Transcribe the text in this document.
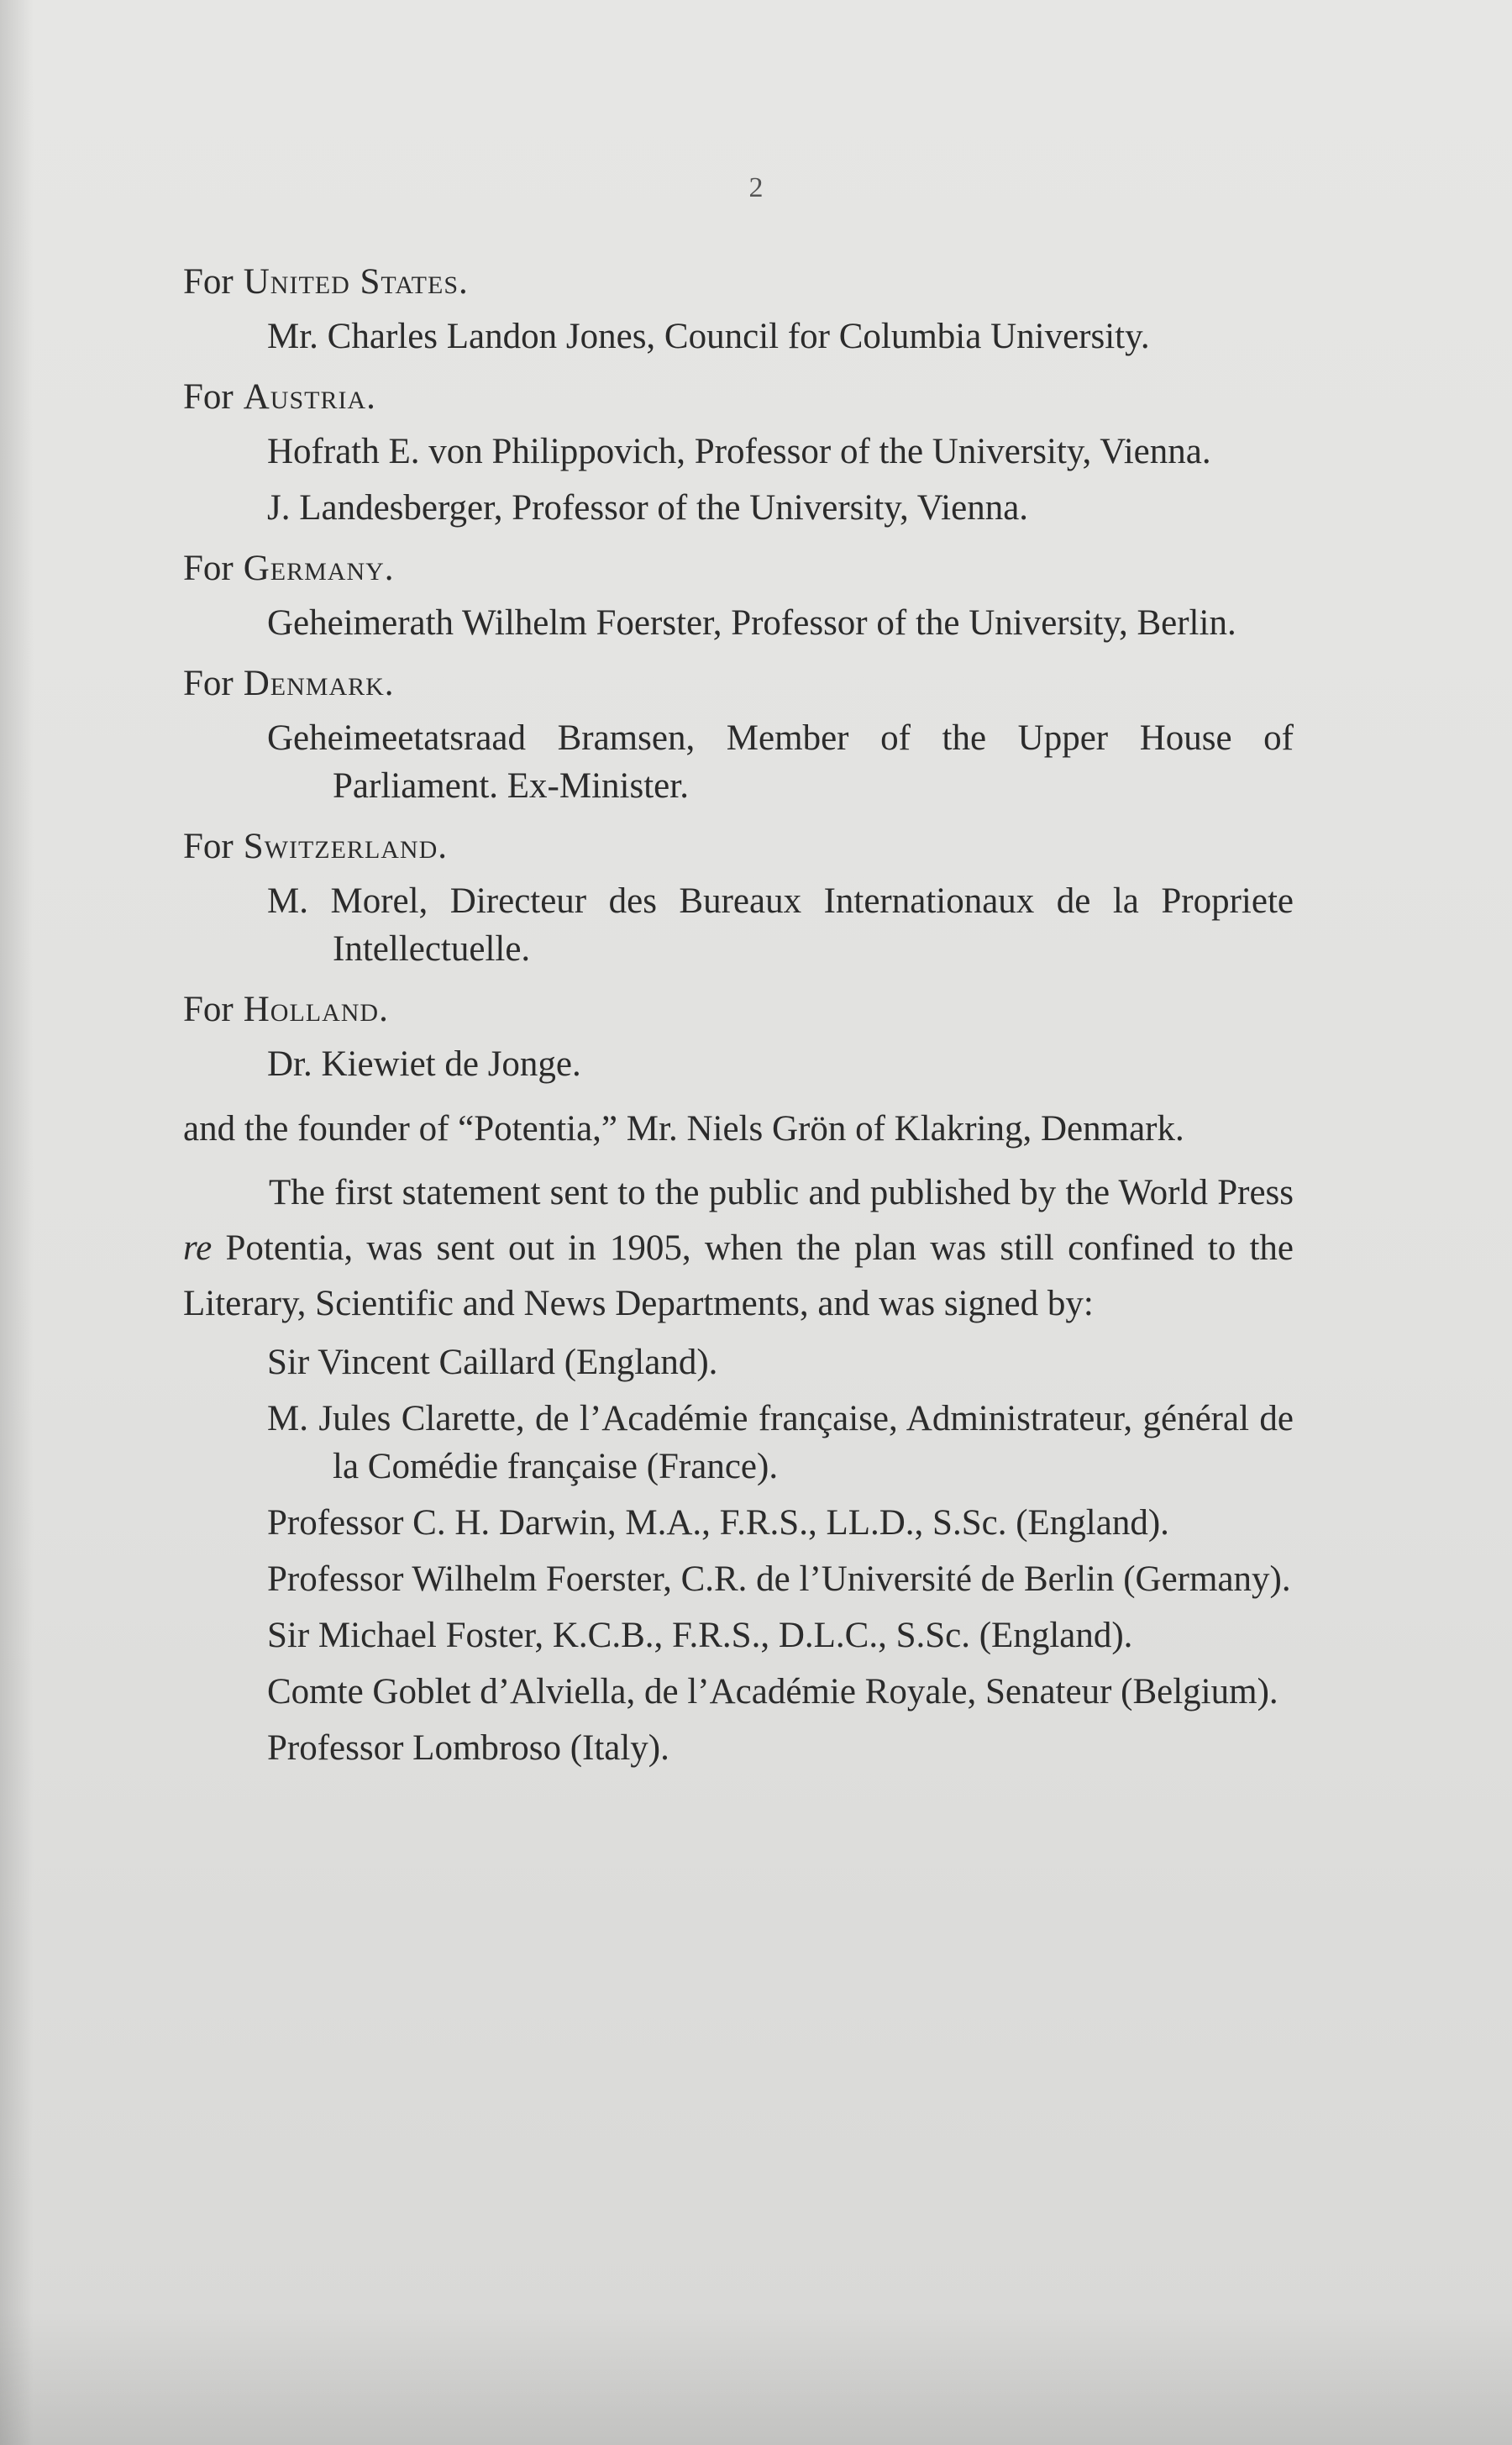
2
For United States.
Mr. Charles Landon Jones, Council for Columbia University.
For Austria.
Hofrath E. von Philippovich, Professor of the University, Vienna.
J. Landesberger, Professor of the University, Vienna.
For Germany.
Geheimerath Wilhelm Foerster, Professor of the University, Berlin.
For Denmark.
Geheimeetatsraad Bramsen, Member of the Upper House of Parliament. Ex-Minister.
For Switzerland.
M. Morel, Directeur des Bureaux Internationaux de la Propriete Intellectuelle.
For Holland.
Dr. Kiewiet de Jonge.
and the founder of “Potentia,” Mr. Niels Grön of Klakring, Denmark.
The first statement sent to the public and published by the World Press re Potentia, was sent out in 1905, when the plan was still confined to the Literary, Scientific and News Departments, and was signed by:
Sir Vincent Caillard (England).
M. Jules Clarette, de l’Académie française, Administrateur, général de la Comédie française (France).
Professor C. H. Darwin, M.A., F.R.S., LL.D., S.Sc. (England).
Professor Wilhelm Foerster, C.R. de l’Université de Berlin (Germany).
Sir Michael Foster, K.C.B., F.R.S., D.L.C., S.Sc. (England).
Comte Goblet d’Alviella, de l’Académie Royale, Senateur (Belgium).
Professor Lombroso (Italy).
